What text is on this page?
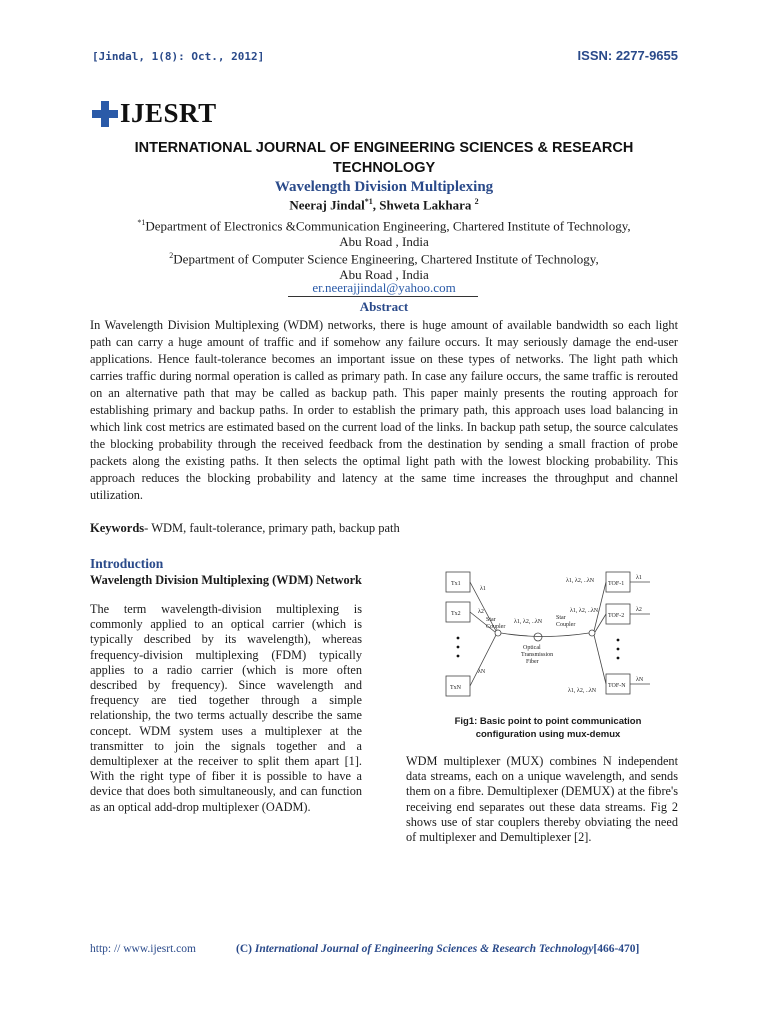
[Jindal, 1(8): Oct., 2012]	ISSN: 2277-9655
IJESRT
INTERNATIONAL JOURNAL OF ENGINEERING SCIENCES & RESEARCH
TECHNOLOGY
Wavelength Division Multiplexing
Neeraj Jindal$^{*1}$, Shweta Lakhara $^2$
$^{*1}$Department of Electronics &Communication Engineering, Chartered Institute of Technology,
Abu Road , India
$^2$Department of Computer Science Engineering, Chartered Institute of Technology,
Abu Road , India
er.neerajjindal@yahoo.com
Abstract
In Wavelength Division Multiplexing (WDM) networks, there is huge amount of available bandwidth so each light path can carry a huge amount of traffic and if somehow any failure occurs. It may seriously damage the end-user applications. Hence fault-tolerance becomes an important issue on these types of networks. The light path which carries traffic during normal operation is called as primary path. In case any failure occurs, the same traffic is rerouted on an alternative path that may be called as backup path. This paper mainly presents the routing approach for establishing primary and backup paths. In order to establish the primary path, this approach uses load balancing in which link cost metrics are estimated based on the current load of the links. In backup path setup, the source calculates the blocking probability through the received feedback from the destination by sending a small fraction of probe packets along the existing paths. It then selects the optimal light path with the lowest blocking probability. This approach reduces the blocking probability and latency at the same time increases the throughput and channel utilization.
Keywords- WDM, fault-tolerance, primary path, backup path
Introduction
Wavelength Division Multiplexing (WDM) Network
The term wavelength-division multiplexing is commonly applied to an optical carrier (which is typically described by its wavelength), whereas frequency-division multiplexing (FDM) typically applies to a radio carrier (which is more often described by frequency). Since wavelength and frequency are tied together through a simple relationship, the two terms actually describe the same concept. WDM system uses a multiplexer at the transmitter to join the signals together and a demultiplexer at the receiver to split them apart [1]. With the right type of fiber it is possible to have a device that does both simultaneously, and can function as an optical add-drop multiplexer (OADM).
Tx1
Tx2
TxN
TOF-1
TOF-2
TOF-N
λ1
λ2
λN
Star
Coupler
Star
Coupler
λ1, λ2, ..λN
λ1, λ2, ..λN
λ1, λ2, ..λN
λ1, λ2, ..λN
Optical
Transmission
Fiber
λ1
λ2
λN
Fig1: Basic point to point communication configuration using mux-demux
WDM multiplexer (MUX) combines N independent data streams, each on a unique wavelength, and sends them on a fibre. Demultiplexer (DEMUX) at the fibre's receiving end separates out these data streams. Fig 2 shows use of star couplers thereby obviating the need of multiplexer and Demultiplexer [2].
http: // www.ijesrt.com	(C) International Journal of Engineering Sciences & Research Technology[466-470]
